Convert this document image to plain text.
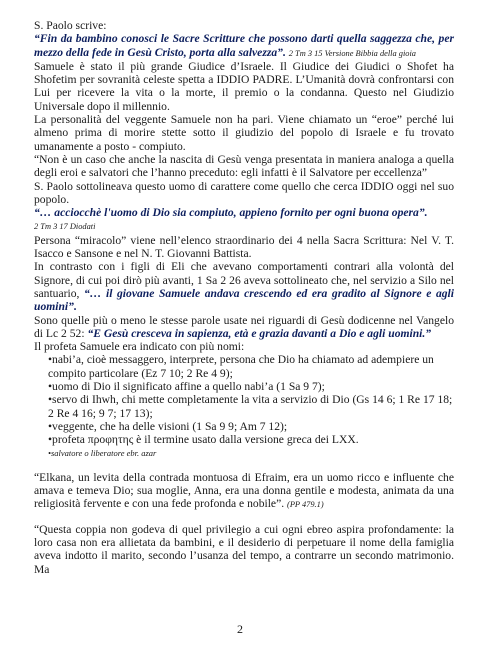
S. Paolo scrive:
“Fin da bambino conosci le Sacre Scritture che possono darti quella saggezza che, per mezzo della fede in Gesù Cristo, porta alla salvezza”. 2 Tm 3 15 Versione Bibbia della gioia

Samuele è stato il più grande Giudice d’Israele. Il Giudice dei Giudici o Shofet ha Shofetim per sovranità celeste spetta a IDDIO PADRE. L’Umanità dovrà confrontarsi con Lui per ricevere la vita o la morte, il premio o la condanna. Questo nel Giudizio Universale dopo il millennio.

La personalità del veggente Samuele non ha pari. Viene chiamato un “eroe” perché lui almeno prima di morire stette sotto il giudizio del popolo di Israele e fu trovato umanamente a posto - compiuto.

“Non è un caso che anche la nascita di Gesù venga presentata in maniera analoga a quella degli eroi e salvatori che l’hanno preceduto: egli infatti è il Salvatore per eccellenza”

S. Paolo sottolineava questo uomo di carattere come quello che cerca IDDIO oggi nel suo popolo.
“… acciocchè l'uomo di Dio sia compiuto, appieno fornito per ogni buona opera”.
2 Tm 3 17 Diodati

Persona “miracolo” viene nell’elenco straordinario dei 4 nella Sacra Scrittura: Nel V. T. Isacco e Sansone e nel N. T. Giovanni Battista.

In contrasto con i figli di Eli che avevano comportamenti contrari alla volontà del Signore, di cui poi dirò più avanti, 1 Sa 2 26 aveva sottolineato che, nel servizio a Silo nel santuario, “… il giovane Samuele andava crescendo ed era gradito al Signore e agli uomini”.

Sono quelle più o meno le stesse parole usate nei riguardi di Gesù dodicenne nel Vangelo di Lc 2 52: “E Gesù cresceva in sapienza, età e grazia davanti a Dio e agli uomini.”

Il profeta Samuele era indicato con più nomi:

•nabi’a, cioè messaggero, interprete, persona che Dio ha chiamato ad adempiere un compito particolare (Ez 7 10; 2 Re 4 9);
•uomo di Dio il significato affine a quello nabi’a (1 Sa 9 7);
•servo di Ihwh, chi mette completamente la vita a servizio di Dio (Gs 14 6; 1 Re 17 18; 2 Re 4 16; 9 7; 17 13);
•veggente, che ha delle visioni (1 Sa 9 9; Am 7 12);
•profeta προφητης è il termine usato dalla versione greca dei LXX.
•salvatore o liberatore ebr. azar

“Elkana, un levita della contrada montuosa di Efraim, era un uomo ricco e influente che amava e temeva Dio; sua moglie, Anna, era una donna gentile e modesta, animata da una religiosità fervente e con una fede profonda e nobile”. (PP 479.1)

“Questa coppia non godeva di quel privilegio a cui ogni ebreo aspira profondamente: la loro casa non era allietata da bambini, e il desiderio di perpetuare il nome della famiglia aveva indotto il marito, secondo l’usanza del tempo, a contrarre un secondo matrimonio. Ma

2
